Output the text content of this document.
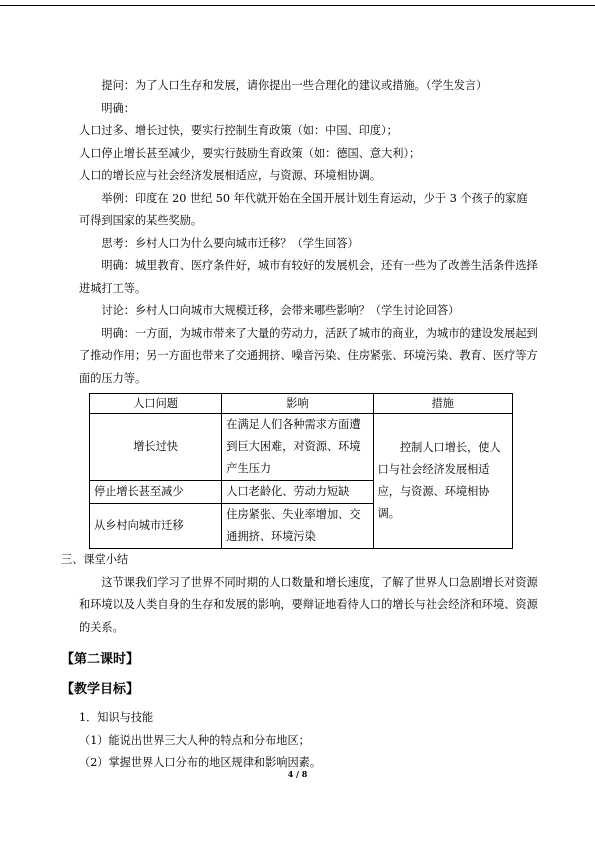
提问：为了人口生存和发展，请你提出一些合理化的建议或措施。（学生发言）

明确：

人口过多、增长过快，要实行控制生育政策（如：中国、印度）；

人口停止增长甚至减少，要实行鼓励生育政策（如：德国、意大利）；

人口的增长应与社会经济发展相适应，与资源、环境相协调。

举例：印度在 20 世纪 50 年代就开始在全国开展计划生育运动，少于 3 个孩子的家庭可得到国家的某些奖励。

思考：乡村人口为什么要向城市迁移？（学生回答）

明确：城里教育、医疗条件好，城市有较好的发展机会，还有一些为了改善生活条件选择进城打工等。

讨论：乡村人口向城市大规模迁移，会带来哪些影响？（学生讨论回答）

明确：一方面，为城市带来了大量的劳动力，活跃了城市的商业，为城市的建设发展起到了推动作用；另一方面也带来了交通拥挤、噪音污染、住房紧张、环境污染、教育、医疗等方面的压力等。

人口问题	影响	措施
增长过快	在满足人们各种需求方面遭到巨大困难，对资源、环境产生压力	控制人口增长，使人口与社会经济发展相适应，与资源、环境相协调。

停止增长甚至减少	人口老龄化、劳动力短缺	
从乡村向城市迁移	住房紧张、失业率增加、交通拥挤、环境污染	

三、课堂小结

这节课我们学习了世界不同时期的人口数量和增长速度，了解了世界人口急剧增长对资源和环境以及人类自身的生存和发展的影响，要辩证地看待人口的增长与社会经济和环境、资源的关系。

【第二课时】

【教学目标】

1．知识与技能

（1）能说出世界三大人种的特点和分布地区；

（2）掌握世界人口分布的地区规律和影响因素。

4 / 8
